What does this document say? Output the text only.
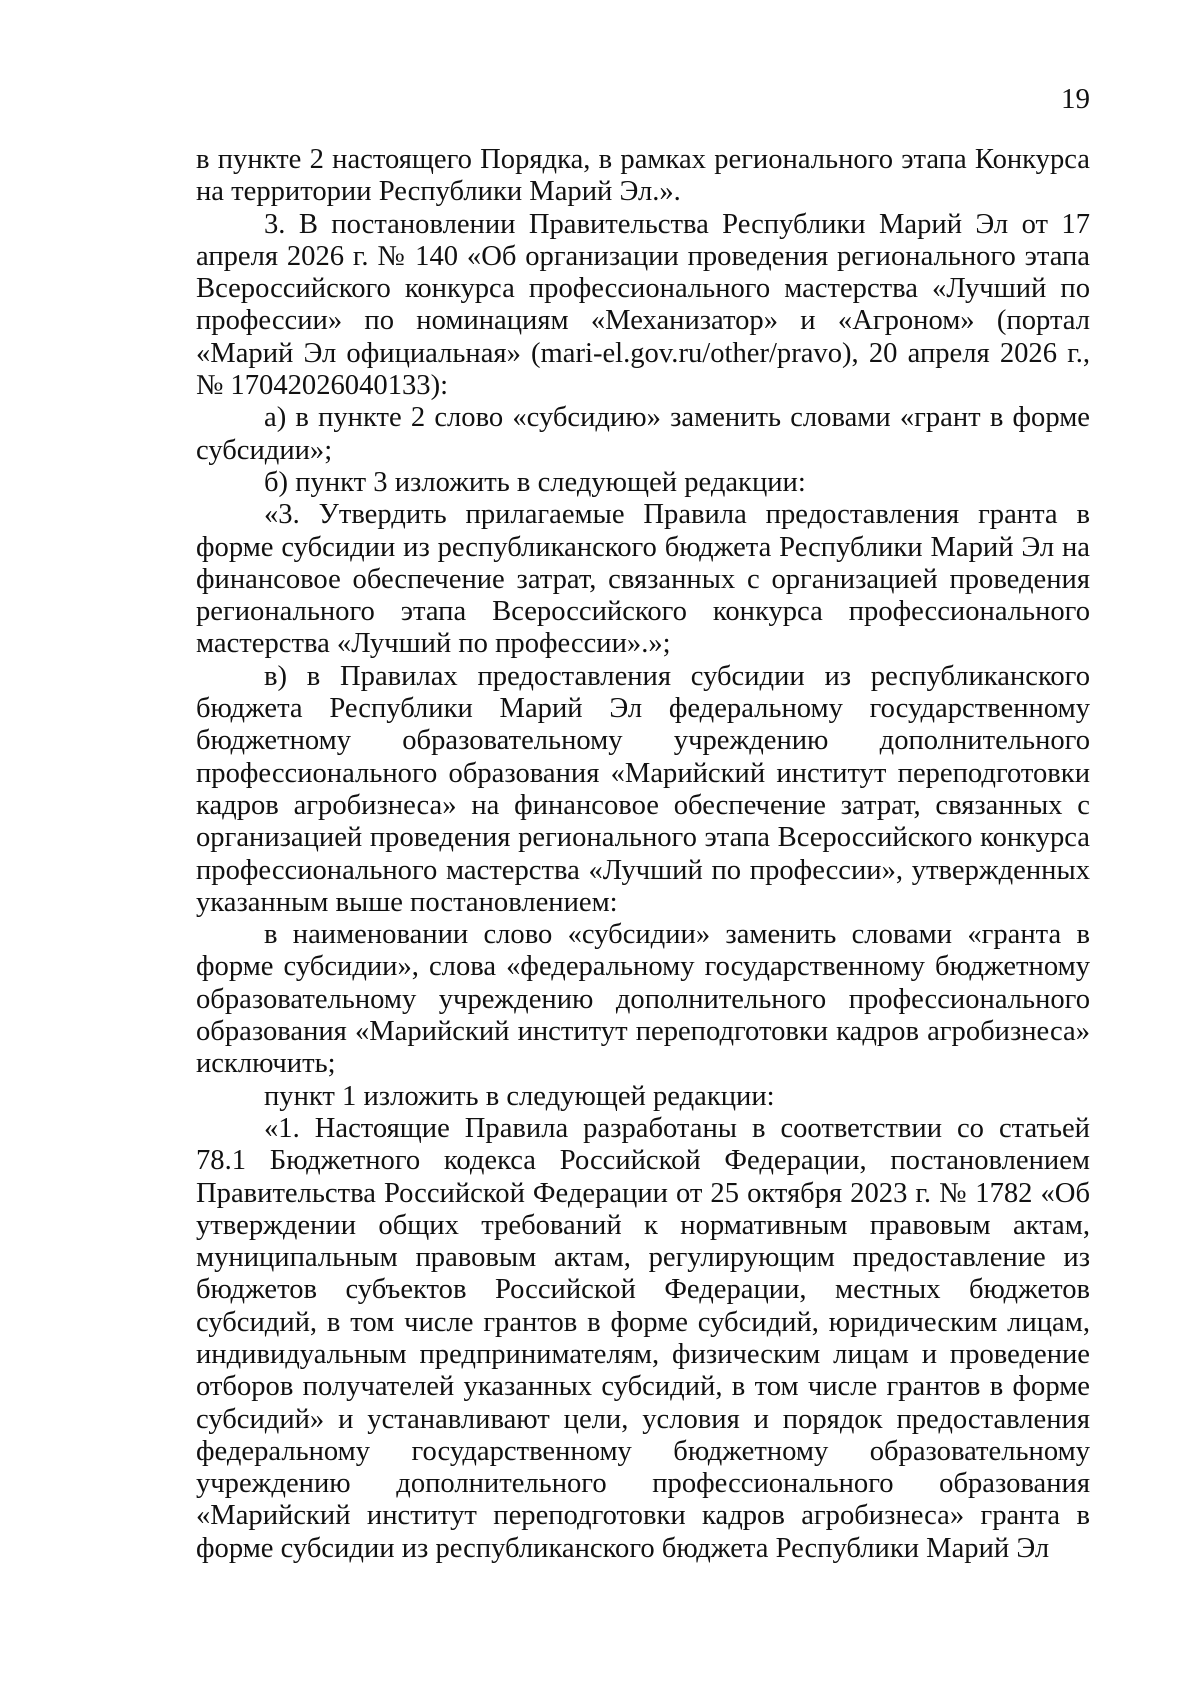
19

в пункте 2 настоящего Порядка, в рамках регионального этапа Конкурса на территории Республики Марий Эл.».

3. В постановлении Правительства Республики Марий Эл от 17 апреля 2026 г. № 140 «Об организации проведения регионального этапа Всероссийского конкурса профессионального мастерства «Лучший по профессии» по номинациям «Механизатор» и «Агроном» (портал «Марий Эл официальная» (mari-el.gov.ru/other/pravo), 20 апреля 2026 г., № 17042026040133):

а) в пункте 2 слово «субсидию» заменить словами «грант в форме субсидии»;

б) пункт 3 изложить в следующей редакции:

«3. Утвердить прилагаемые Правила предоставления гранта в форме субсидии из республиканского бюджета Республики Марий Эл на финансовое обеспечение затрат, связанных с организацией проведения регионального этапа Всероссийского конкурса профессионального мастерства «Лучший по профессии».»;

в) в Правилах предоставления субсидии из республиканского бюджета Республики Марий Эл федеральному государственному бюджетному образовательному учреждению дополнительного профессионального образования «Марийский институт переподготовки кадров агробизнеса» на финансовое обеспечение затрат, связанных с организацией проведения регионального этапа Всероссийского конкурса профессионального мастерства «Лучший по профессии», утвержденных указанным выше постановлением:

в наименовании слово «субсидии» заменить словами «гранта в форме субсидии», слова «федеральному государственному бюджетному образовательному учреждению дополнительного профессионального образования «Марийский институт переподготовки кадров агробизнеса» исключить;

пункт 1 изложить в следующей редакции:

«1. Настоящие Правила разработаны в соответствии со статьей 78.1 Бюджетного кодекса Российской Федерации, постановлением Правительства Российской Федерации от 25 октября 2023 г. № 1782 «Об утверждении общих требований к нормативным правовым актам, муниципальным правовым актам, регулирующим предоставление из бюджетов субъектов Российской Федерации, местных бюджетов субсидий, в том числе грантов в форме субсидий, юридическим лицам, индивидуальным предпринимателям, физическим лицам и проведение отборов получателей указанных субсидий, в том числе грантов в форме субсидий» и устанавливают цели, условия и порядок предоставления федеральному государственному бюджетному образовательному учреждению дополнительного профессионального образования «Марийский институт переподготовки кадров агробизнеса» гранта в форме субсидии из республиканского бюджета Республики Марий Эл
